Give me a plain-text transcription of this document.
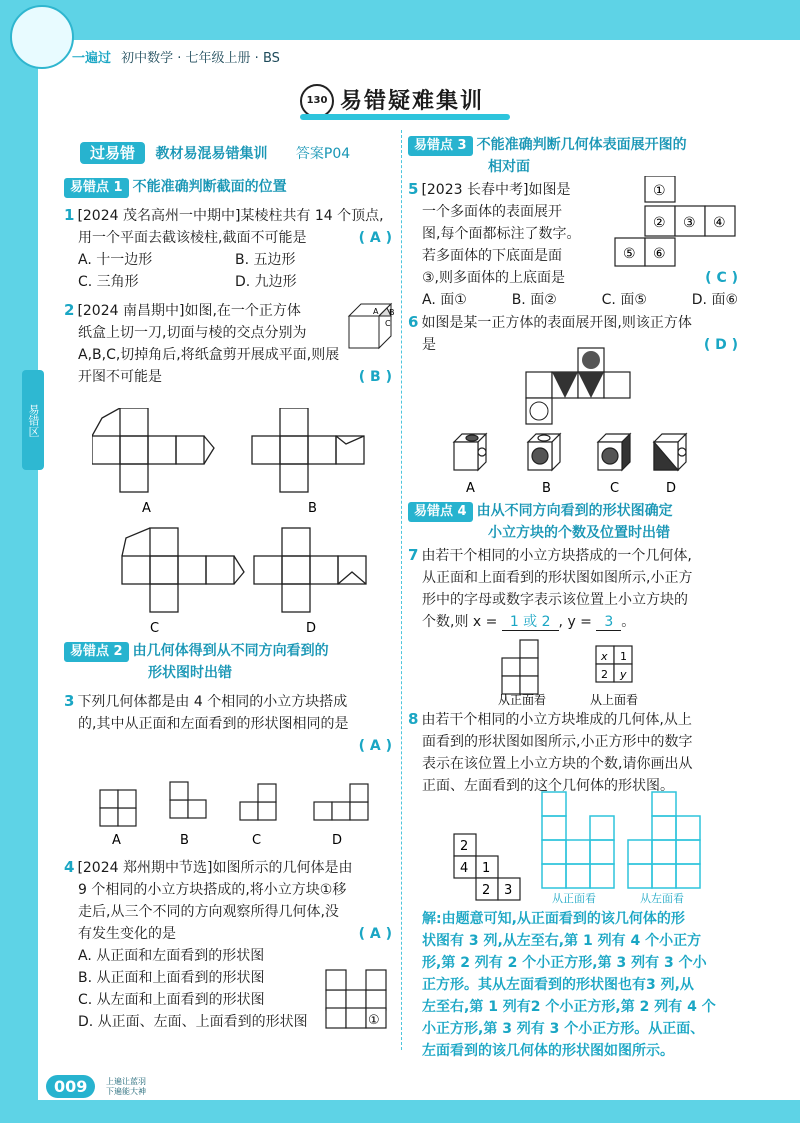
一遍过 初中数学 · 七年级上册 · BS
130 易错疑难集训
易错区
过易错 教材易混易错集训 答案P04
易错点 1 不能准确判断截面的位置
1 [2024 茂名高州一中期中]某棱柱共有 14 个顶点,
用一个平面去截该棱柱,截面不可能是	( A )
A. 十一边形	B. 五边形
C. 三角形	D. 九边形
2 [2024 南昌期中]如图,在一个正方体
纸盒上切一刀,切面与棱的交点分别为
A,B,C,切掉角后,将纸盒剪开展成平面,则展
开图不可能是	( B )
A B
C
A	B
C	D
易错点 2 由几何体得到从不同方向看到的
形状图时出错
3 下列几何体都是由 4 个相同的小立方块搭成
的,其中从正面和左面看到的形状图相同的是
( A )
A	B	C	D
4 [2024 郑州期中节选]如图所示的几何体是由
9 个相同的小立方块搭成的,将小立方块①移
走后,从三个不同的方向观察所得几何体,没
有发生变化的是	( A )
A. 从正面和左面看到的形状图
B. 从正面和上面看到的形状图
C. 从左面和上面看到的形状图
D. 从正面、左面、上面看到的形状图	①
易错点 3 不能准确判断几何体表面展开图的
相对面
5 [2023 长春中考]如图是
一个多面体的表面展开
图,每个面都标注了数字。
若多面体的下底面是面
③,则多面体的上底面是	( C )
A. 面①	B. 面②	C. 面⑤	D. 面⑥
6 如图是某一正方体的表面展开图,则该正方体
是	( D )
①
② ③ ④
⑤ ⑥
A	B	C	D
易错点 4 由从不同方向看到的形状图确定
小立方块的个数及位置时出错
7 由若干个相同的小立方块搭成的一个几何体,
从正面和上面看到的形状图如图所示,小正方
形中的字母或数字表示该位置上小立方块的
个数,则 x = 1 或 2 , y = 3 。
x 1
2 y
从正面看	从上面看
8 由若干个相同的小立方块堆成的几何体,从上
面看到的形状图如图所示,小正方形中的数字
表示在该位置上小立方块的个数,请你画出从
正面、左面看到的这个几何体的形状图。
2
4 1
2 3
从正面看	从左面看
解:由题意可知,从正面看到的该几何体的形
状图有 3 列,从左至右,第 1 列有 4 个小正方
形,第 2 列有 2 个小正方形,第 3 列有 3 个小
正方形。其从左面看到的形状图也有3 列,从
左至右,第 1 列有2 个小正方形,第 2 列有 4 个
小正方形,第 3 列有 3 个小正方形。从正面、
左面看到的该几何体的形状图如图所示。
009	上遍让蓝羽
下遍能大神
